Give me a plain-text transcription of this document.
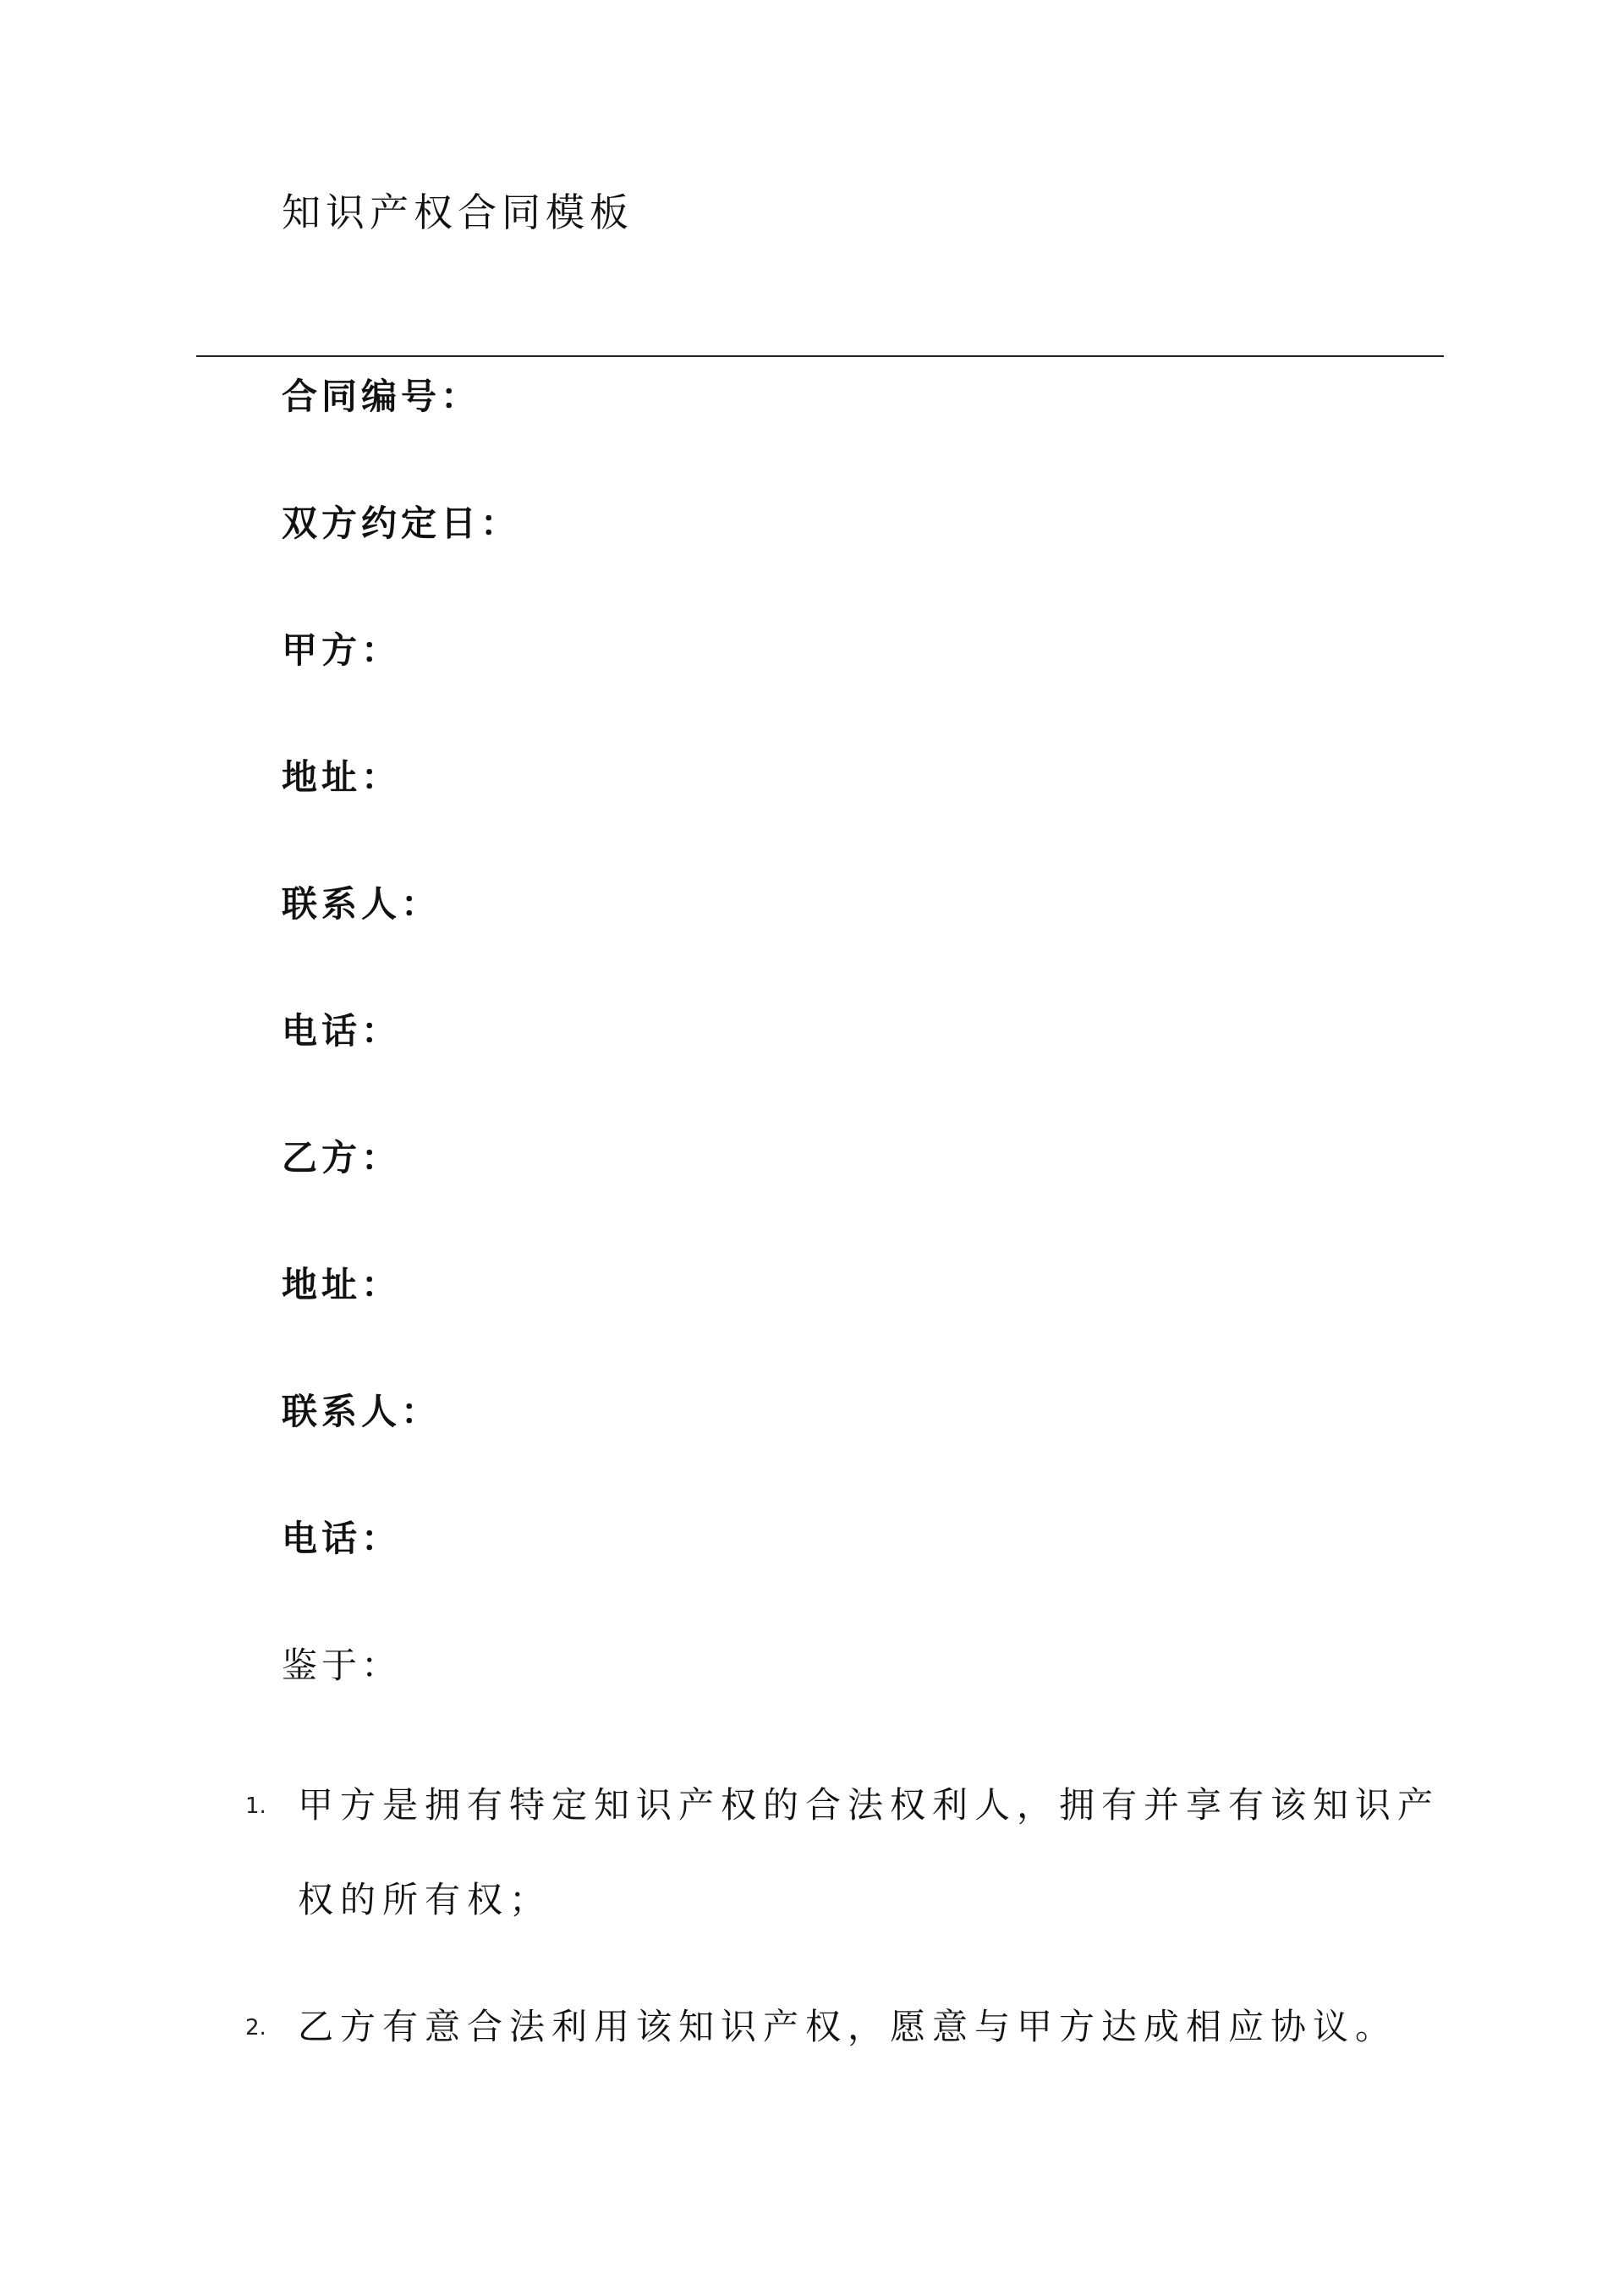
知识产权合同模板
合同编号：
双方约定日：
甲方：
地址：
联系人：
电话：
乙方：
地址：
联系人：
电话：
鉴于：
1. 甲方是拥有特定知识产权的合法权利人，拥有并享有该知识产权的所有权；
2. 乙方有意合法利用该知识产权，愿意与甲方达成相应协议。
